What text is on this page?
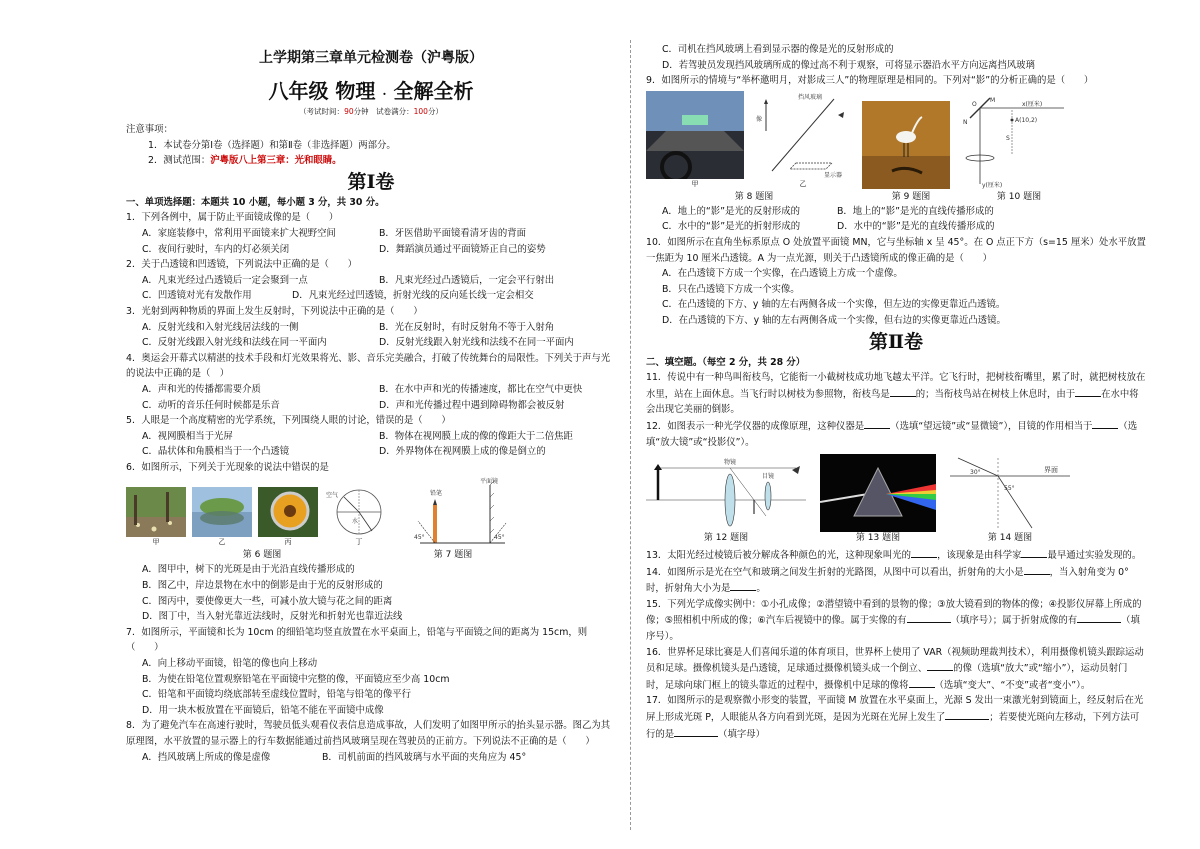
上学期第三章单元检测卷（沪粤版）
八年级 物理 · 全解全析
（考试时间：90分钟　试卷满分：100分）
注意事项：
1．本试卷分第Ⅰ卷（选择题）和第Ⅱ卷（非选择题）两部分。
2．测试范围：沪粤版八上第三章：光和眼睛。
第Ⅰ卷
一、单项选择题：本题共 10 小题，每小题 3 分，共 30 分。
1．下列各例中，属于防止平面镜成像的是（　　）
A．家庭装修中，常利用平面镜来扩大视野空间	B．牙医借助平面镜看清牙齿的背面
C．夜间行驶时，车内的灯必须关闭	D．舞蹈演员通过平面镜矫正自己的姿势
2．关于凸透镜和凹透镜，下列说法中正确的是（　　）
A．凡束光经过凸透镜后一定会聚到一点	B．凡束光经过凸透镜后，一定会平行射出
C．凹透镜对光有发散作用	D．凡束光经过凹透镜，折射光线的反向延长线一定会相交
3．光射到两种物质的界面上发生反射时，下列说法中正确的是（　　）
A．反射光线和入射光线居法线的一侧	B．光在反射时，有时反射角不等于入射角
C．反射光线跟入射光线和法线在同一平面内	D．反射光线跟入射光线和法线不在同一平面内
4．奥运会开幕式以精湛的技术手段和灯光效果将光、影、音乐完美融合，打破了传统舞台的局限性。下列关于声与光的说法中正确的是（　）
A．声和光的传播都需要介质	B．在水中声和光的传播速度，都比在空气中更快
C．动听的音乐任何时候都是乐音	D．声和光传播过程中遇到障碍物都会被反射
5．人眼是一个高度精密的光学系统，下列围绕人眼的讨论，错误的是（　　）
A．视网膜相当于光屏	B．物体在视网膜上成的像的像距大于二倍焦距
C．晶状体和角膜相当于一个凸透镜	D．外界物体在视网膜上成的像是倒立的
6．如图所示，下列关于光现象的说法中错误的是
甲	乙	丙
空气
水
丁
铅笔
平面镜
45°	45°
第 6 题图	第 7 题图
A．图甲中，树下的光斑是由于光沿直线传播形成的
B．图乙中，岸边景物在水中的倒影是由于光的反射形成的
C．图丙中，要使像更大一些，可减小放大镜与花之间的距离
D．图丁中，当入射光靠近法线时，反射光和折射光也靠近法线
7．如图所示，平面镜和长为 10cm 的细铅笔均竖直放置在水平桌面上，铅笔与平面镜之间的距离为 15cm，则（　　）
A．向上移动平面镜，铅笔的像也向上移动
B．为使在铅笔位置观察铅笔在平面镜中完整的像，平面镜应至少高 10cm
C．铅笔和平面镜均绕底部转至虚线位置时，铅笔与铅笔的像平行
D．用一块木板放置在平面镜后，铅笔不能在平面镜中成像
8．为了避免汽车在高速行驶时，驾驶员低头观看仪表信息造成事故，人们发明了如图甲所示的抬头显示器。图乙为其原理图，水平放置的显示器上的行车数据能通过前挡风玻璃呈现在驾驶员的正前方。下列说法不正确的是（　　）
A．挡风玻璃上所成的像是虚像	B．司机前面的挡风玻璃与水平面的夹角应为 45°
C．司机在挡风玻璃上看到显示器的像是光的反射形成的
D．若驾驶员发现挡风玻璃所成的像过高不利于观察，可将显示器沿水平方向远离挡风玻璃
9．如图所示的情境与“举杯邀明月，对影成三人”的物理原理是相同的。下列对“影”的分析正确的是（　　）
甲
挡风玻璃
像
显示器
乙
x(厘米)
y(厘米)
A(10,2)
S
O
M
N
第 8 题图	第 9 题图	第 10 题图
A．地上的“影”是光的反射形成的	B．地上的“影”是光的直线传播形成的
C．水中的“影”是光的折射形成的	D．水中的“影”是光的直线传播形成的
10．如图所示在直角坐标系原点 O 处放置平面镜 MN，它与坐标轴 x 呈 45°。在 O 点正下方（s=15 厘米）处水平放置一焦距为 10 厘米凸透镜。A 为一点光源，则关于凸透镜所成的像正确的是（　　）
A．在凸透镜下方成一个实像，在凸透镜上方成一个虚像。
B．只在凸透镜下方成一个实像。
C．在凸透镜的下方、y 轴的左右两侧各成一个实像，但左边的实像更靠近凸透镜。
D．在凸透镜的下方、y 轴的左右两侧各成一个实像，但右边的实像更靠近凸透镜。
第Ⅱ卷
二、填空题。（每空 2 分，共 28 分）
11．传说中有一种鸟叫衔枝鸟，它能衔一小截树枝成功地飞越太平洋。它飞行时，把树枝衔嘴里，累了时，就把树枝放在水里，站在上面休息。当飞行时以树枝为参照物，衔枝鸟是	的；当衔枝鸟站在树枝上休息时，由于	在水中将会出现它美丽的倒影。
12．如图表示一种光学仪器的成像原理，这种仪器是	（选填“望远镜”或“显微镜”），目镜的作用相当于	（选填“放大镜”或“投影仪”）。
物镜
目镜
第 12 题图	第 13 题图
界面
30°
55°
第 14 题图
13．太阳光经过棱镜后被分解成各种颜色的光，这种现象叫光的	，该现象是由科学家	最早通过实验发现的。
14．如图所示是光在空气和玻璃之间发生折射的光路图，从图中可以看出，折射角的大小是	，当入射角变为 0°时，折射角大小为是	。
15．下列光学成像实例中：①小孔成像；②潜望镜中看到的景物的像；③放大镜看到的物体的像；④投影仪屏幕上所成的像；⑤照相机中所成的像；⑥汽车后视镜中的像。属于实像的有	（填序号）；属于折射成像的有	（填序号）。
16．世界杯足球比赛是人们喜闻乐道的体育项目，世界杯上使用了 VAR（视频助理裁判技术），利用摄像机镜头跟踪运动员和足球。摄像机镜头是凸透镜，足球通过摄像机镜头成一个倒立、	的像（选填“放大”或“缩小”），运动员射门时，足球向球门框上的镜头靠近的过程中，摄像机中足球的像将	（选填“变大”、“不变”或者“变小”）。
17．如图所示的是观察微小形变的装置，平面镜 M 放置在水平桌面上，光源 S 发出一束激光射到镜面上，经反射后在光屏上形成光斑 P，人眼能从各方向看到光斑，是因为光斑在光屏上发生了	；若要使光斑向左移动，下列方法可行的是	（填字母）
